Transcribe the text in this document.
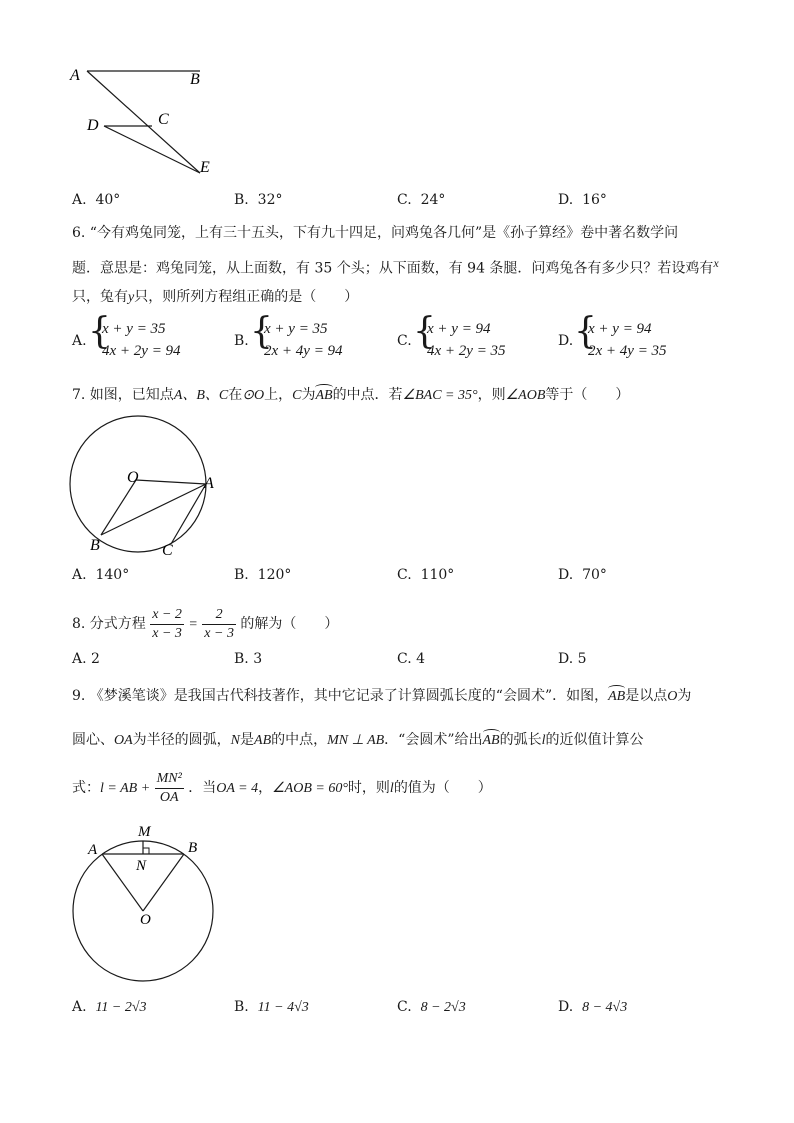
A	B
C
D
E
A. 40°	B. 32°	C. 24°	D. 16°
6. “今有鸡兔同笼，上有三十五头，下有九十四足，问鸡兔各几何”是《孙子算经》卷中著名数学问
题．意思是：鸡兔同笼，从上面数，有 35 个头；从下面数，有 94 条腿．问鸡兔各有多少只？若设鸡有$^x$
只，兔有y只，则所列方程组正确的是（　　）
A. {
x + y = 35
4x + 2y = 94
B. {
x + y = 35
2x + 4y = 94
C. {
x + y = 94
4x + 2y = 35
D. {
x + y = 94
2x + 4y = 35
7. 如图，已知点A、B、C在⊙O上，C为AB的中点．若∠BAC = 35°，则∠AOB等于（　　）
O	A
B	C
A. 140°	B. 120°	C. 110°	D. 70°
8. 分式方程 $\frac{x - 2}{x - 3} = \frac{2}{x - 3}$ 的解为（　　）
A. 2	B. 3	C. 4	D. 5
9. 《梦溪笔谈》是我国古代科技著作，其中它记录了计算圆弧长度的“会圆术”．如图，AB是以点O为
圆心、OA为半径的圆弧，N是AB的中点，MN ⊥ AB．“会圆术”给出AB的弧长l的近似值计算公
式：l = AB + $\frac{\text{MN²}}{OA}$ ．当OA = 4，∠AOB = 60°时，则l的值为（　　）
M
N
A	B
O
A. 11 − 2√3	B. 11 − 4√3	C. 8 − 2√3	D. 8 − 4√3
